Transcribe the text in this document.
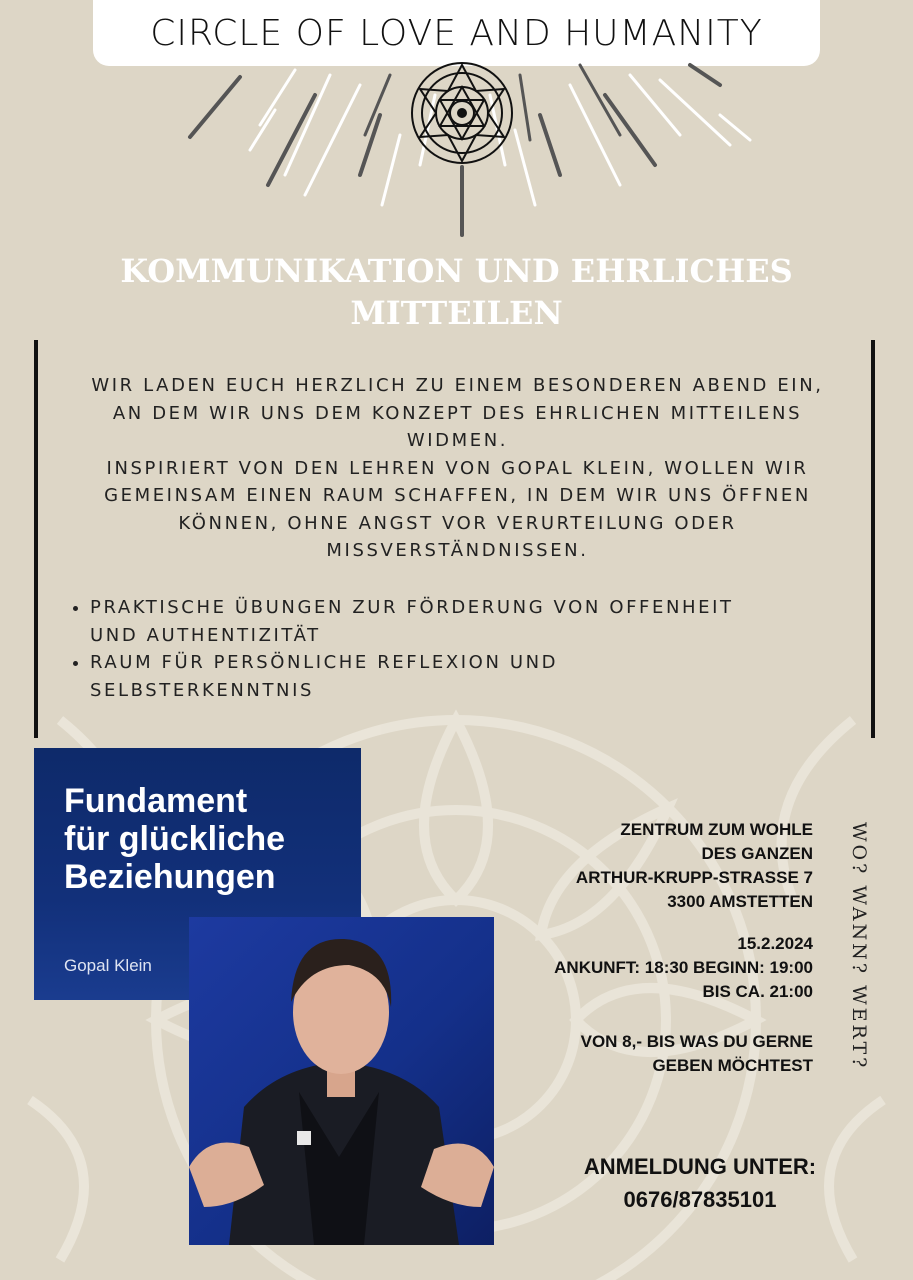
CIRCLE OF LOVE AND HUMANITY
KOMMUNIKATION UND EHRLICHES
MITTEILEN
WIR LADEN EUCH HERZLICH ZU EINEM BESONDEREN ABEND EIN,
AN DEM WIR UNS DEM KONZEPT DES EHRLICHEN MITTEILENS
WIDMEN.
INSPIRIERT VON DEN LEHREN VON GOPAL KLEIN, WOLLEN WIR
GEMEINSAM EINEN RAUM SCHAFFEN, IN DEM WIR UNS ÖFFNEN
KÖNNEN, OHNE ANGST VOR VERURTEILUNG ODER
MISSVERSTÄNDNISSEN.
• PRAKTISCHE ÜBUNGEN ZUR FÖRDERUNG VON OFFENHEIT
UND AUTHENTIZITÄT
• RAUM FÜR PERSÖNLICHE REFLEXION UND
SELBSTERKENNTNIS
Fundament
für glückliche
Beziehungen
Gopal Klein
ZENTRUM ZUM WOHLE
DES GANZEN
ARTHUR-KRUPP-STRASSE 7
3300 AMSTETTEN
15.2.2024
ANKUNFT: 18:30 BEGINN: 19:00
BIS CA. 21:00
VON 8,- BIS WAS DU GERNE
GEBEN MÖCHTEST
ANMELDUNG UNTER:
0676/87835101
WO? WANN? WERT?
